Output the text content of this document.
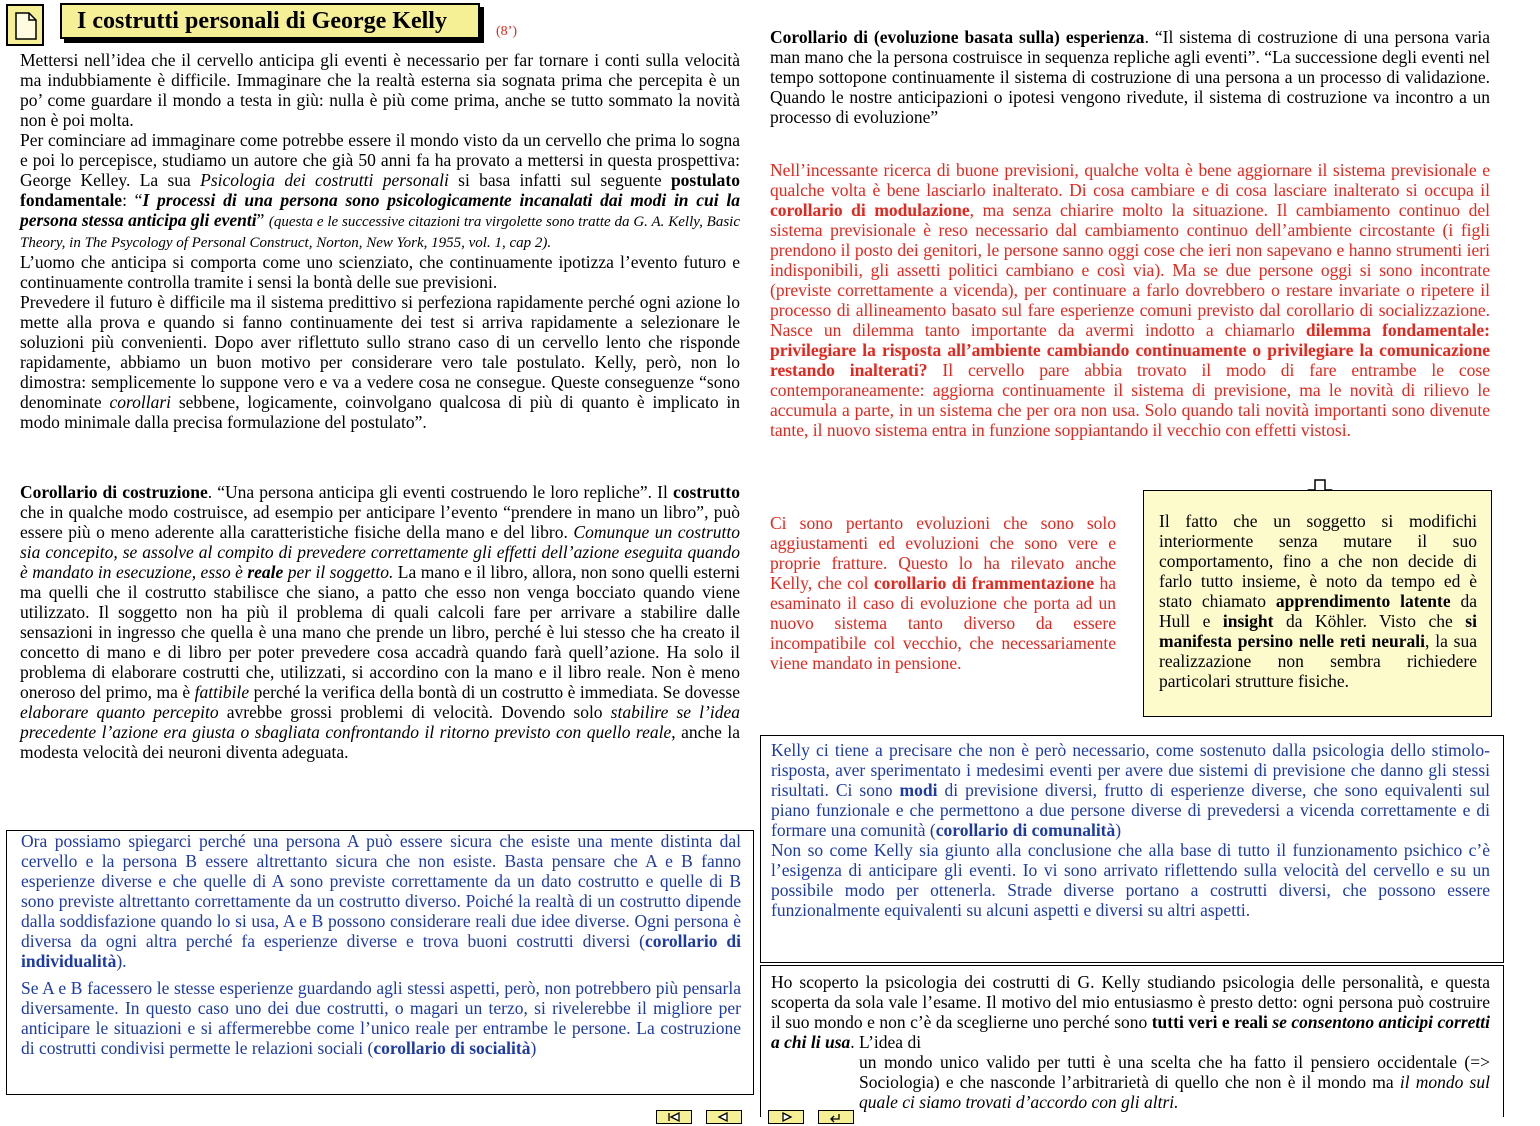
I costrutti personali di George Kelly	(8’)

Mettersi nell’idea che il cervello anticipa gli eventi è necessario per far tornare i conti sulla velocità ma indubbiamente è difficile. Immaginare che la realtà esterna sia sognata prima che percepita è un po’ come guardare il mondo a testa in giù: nulla è più come prima, anche se tutto sommato la novità non è poi molta.

Per cominciare ad immaginare come potrebbe essere il mondo visto da un cervello che prima lo sogna e poi lo percepisce, studiamo un autore che già 50 anni fa ha provato a mettersi in questa prospettiva: George Kelley. La sua Psicologia dei costrutti personali si basa infatti sul seguente postulato fondamentale: “I processi di una persona sono psicologicamente incanalati dai modi in cui la persona stessa anticipa gli eventi” (questa e le successive citazioni tra virgolette sono tratte da G. A. Kelly, Basic Theory, in The Psycology of Personal Construct, Norton, New York, 1955, vol. 1, cap 2).

L’uomo che anticipa si comporta come uno scienziato, che continuamente ipotizza l’evento futuro e continuamente controlla tramite i sensi la bontà delle sue previsioni.

Prevedere il futuro è difficile ma il sistema predittivo si perfeziona rapidamente perché ogni azione lo mette alla prova e quando si fanno continuamente dei test si arriva rapidamente a selezionare le soluzioni più convenienti. Dopo aver riflettuto sullo strano caso di un cervello lento che risponde rapidamente, abbiamo un buon motivo per considerare vero tale postulato. Kelly, però, non lo dimostra: semplicemente lo suppone vero e va a vedere cosa ne consegue. Queste conseguenze “sono denominate corollari sebbene, logicamente, coinvolgano qualcosa di più di quanto è implicato in modo minimale dalla precisa formulazione del postulato”.

Corollario di costruzione. “Una persona anticipa gli eventi costruendo le loro repliche”. Il costrutto che in qualche modo costruisce, ad esempio per anticipare l’evento “prendere in mano un libro”, può essere più o meno aderente alla caratteristiche fisiche della mano e del libro. Comunque un costrutto sia concepito, se assolve al compito di prevedere correttamente gli effetti dell’azione eseguita quando è mandato in esecuzione, esso è reale per il soggetto. La mano e il libro, allora, non sono quelli esterni ma quelli che il costrutto stabilisce che siano, a patto che esso non venga bocciato quando viene utilizzato. Il soggetto non ha più il problema di quali calcoli fare per arrivare a stabilire dalle sensazioni in ingresso che quella è una mano che prende un libro, perché è lui stesso che ha creato il concetto di mano e di libro per poter prevedere cosa accadrà quando farà quell’azione. Ha solo il problema di elaborare costrutti che, utilizzati, si accordino con la mano e il libro reale. Non è meno oneroso del primo, ma è fattibile perché la verifica della bontà di un costrutto è immediata. Se dovesse elaborare quanto percepito avrebbe grossi problemi di velocità. Dovendo solo stabilire se l’idea precedente l’azione era giusta o sbagliata confrontando il ritorno previsto con quello reale, anche la modesta velocità dei neuroni diventa adeguata.

Ora possiamo spiegarci perché una persona A può essere sicura che esiste una mente distinta dal cervello e la persona B essere altrettanto sicura che non esiste. Basta pensare che A e B fanno esperienze diverse e che quelle di A sono previste correttamente da un dato costrutto e quelle di B sono previste altrettanto correttamente da un costrutto diverso. Poiché la realtà di un costrutto dipende dalla soddisfazione quando lo si usa, A e B possono considerare reali due idee diverse. Ogni persona è diversa da ogni altra perché fa esperienze diverse e trova buoni costrutti diversi (corollario di individualità).

Se A e B facessero le stesse esperienze guardando agli stessi aspetti, però, non potrebbero più pensarla diversamente. In questo caso uno dei due costrutti, o magari un terzo, si rivelerebbe il migliore per anticipare le situazioni e si affermerebbe come l’unico reale per entrambe le persone. La costruzione di costrutti condivisi permette le relazioni sociali (corollario di socialità)

Corollario di (evoluzione basata sulla) esperienza. “Il sistema di costruzione di una persona varia man mano che la persona costruisce in sequenza repliche agli eventi”. “La successione degli eventi nel tempo sottopone continuamente il sistema di costruzione di una persona a un processo di validazione. Quando le nostre anticipazioni o ipotesi vengono rivedute, il sistema di costruzione va incontro a un processo di evoluzione”

Nell’incessante ricerca di buone previsioni, qualche volta è bene aggiornare il sistema previsionale e qualche volta è bene lasciarlo inalterato. Di cosa cambiare e di cosa lasciare inalterato si occupa il corollario di modulazione, ma senza chiarire molto la situazione. Il cambiamento continuo del sistema previsionale è reso necessario dal cambiamento continuo dell’ambiente circostante (i figli prendono il posto dei genitori, le persone sanno oggi cose che ieri non sapevano e hanno strumenti ieri indisponibili, gli assetti politici cambiano e così via). Ma se due persone oggi si sono incontrate (previste correttamente a vicenda), per continuare a farlo dovrebbero o restare invariate o ripetere il processo di allineamento basato sul fare esperienze comuni previsto dal corollario di socializzazione. Nasce un dilemma tanto importante da avermi indotto a chiamarlo dilemma fondamentale: privilegiare la risposta all’ambiente cambiando continuamente o privilegiare la comunicazione restando inalterati? Il cervello pare abbia trovato il modo di fare entrambe le cose contemporaneamente: aggiorna continuamente il sistema di previsione, ma le novità di rilievo le accumula a parte, in un sistema che per ora non usa. Solo quando tali novità importanti sono divenute tante, il nuovo sistema entra in funzione soppiantando il vecchio con effetti vistosi.

Ci sono pertanto evoluzioni che sono solo aggiustamenti ed evoluzioni che sono vere e proprie fratture. Questo lo ha rilevato anche Kelly, che col corollario di frammentazione ha esaminato il caso di evoluzione che porta ad un nuovo sistema tanto diverso da essere incompatibile col vecchio, che necessariamente viene mandato in pensione.

Il fatto che un soggetto si modifichi interiormente senza mutare il suo comportamento, fino a che non decide di farlo tutto insieme, è noto da tempo ed è stato chiamato apprendimento latente da Hull e insight da Köhler. Visto che si manifesta persino nelle reti neurali, la sua realizzazione non sembra richiedere particolari strutture fisiche.

Kelly ci tiene a precisare che non è però necessario, come sostenuto dalla psicologia dello stimolo-risposta, aver sperimentato i medesimi eventi per avere due sistemi di previsione che danno gli stessi risultati. Ci sono modi di previsione diversi, frutto di esperienze diverse, che sono equivalenti sul piano funzionale e che permettono a due persone diverse di prevedersi a vicenda correttamente e di formare una comunità (corollario di comunalità)

Non so come Kelly sia giunto alla conclusione che alla base di tutto il funzionamento psichico c’è l’esigenza di anticipare gli eventi. Io vi sono arrivato riflettendo sulla velocità del cervello e su un possibile modo per ottenerla. Strade diverse portano a costrutti diversi, che possono essere funzionalmente equivalenti su alcuni aspetti e diversi su altri aspetti.

Ho scoperto la psicologia dei costrutti di G. Kelly studiando psicologia delle personalità, e questa scoperta da sola vale l’esame. Il motivo del mio entusiasmo è presto detto: ogni persona può costruire il suo mondo e non c’è da sceglierne uno perché sono tutti veri e reali se consentono anticipi corretti a chi li usa. L’idea di

un mondo unico valido per tutti è una scelta che ha fatto il pensiero occidentale (=> Sociologia) e che nasconde l’arbitrarietà di quello che non è il mondo ma il mondo sul quale ci siamo trovati d’accordo con gli altri.
